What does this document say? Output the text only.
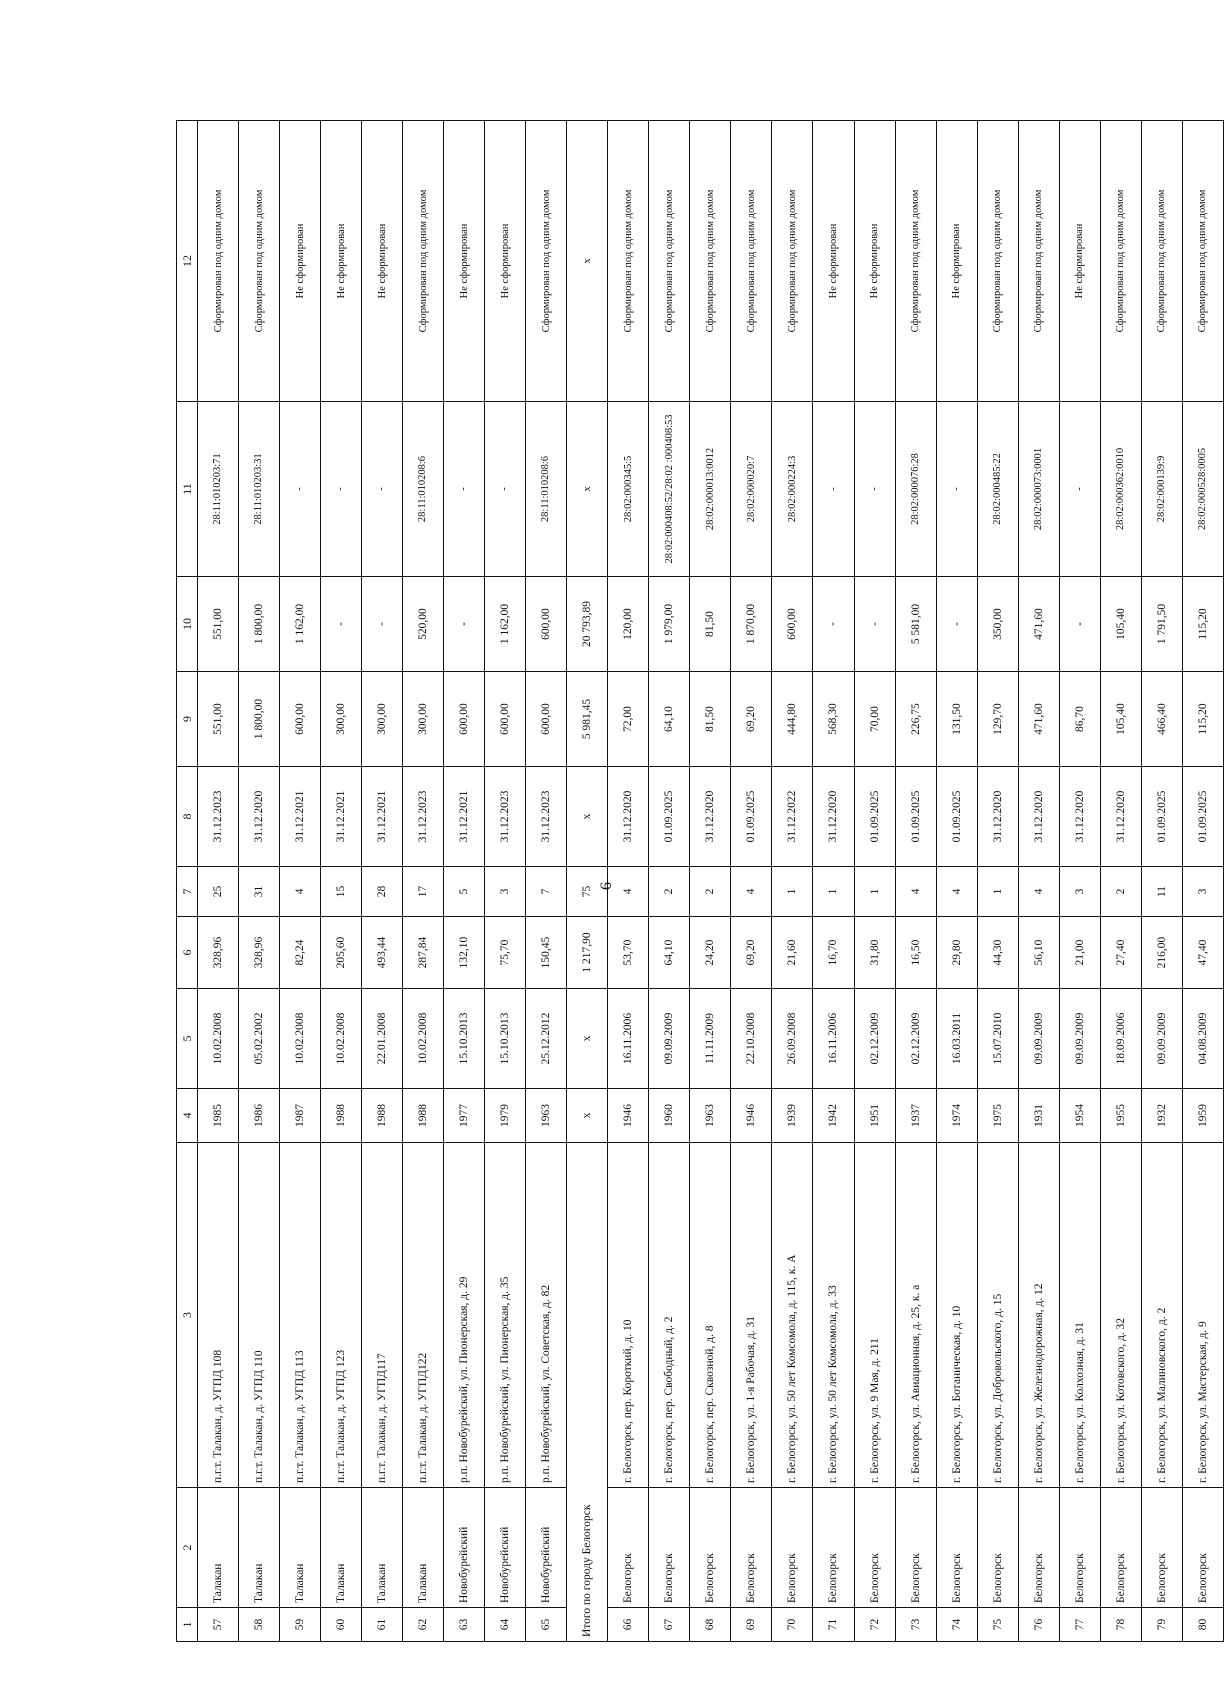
6
1	2	3	4	5	6	7	8	9	10	11	12
57	Талакан	п.г.т. Талакан, д. УГПД 108	1985	10.02.2008	328,96	25	31.12.2023	551,00	551,00	28:11:010203:71	Сформирован под одним домом
58	Талакан	п.г.т. Талакан, д. УГПД 110	1986	05.02.2002	328,96	31	31.12.2020	1 800,00	1 800,00	28:11:010203:31	Сформирован под одним домом
59	Талакан	п.г.т. Талакан, д. УГПД 113	1987	10.02.2008	82,24	4	31.12.2021	600,00	1 162,00	-	Не сформирован
60	Талакан	п.г.т. Талакан, д. УГПД 123	1988	10.02.2008	205,60	15	31.12.2021	300,00	-	-	Не сформирован
61	Талакан	п.г.т. Талакан, д. УГПД117	1988	22.01.2008	493,44	28	31.12.2021	300,00	-	-	Не сформирован
62	Талакан	п.г.т. Талакан, д. УГПД122	1988	10.02.2008	287,84	17	31.12.2023	300,00	520,00	28:11:010208:6	Сформирован под одним домом
63	Новобурейский	р.п. Новобурейский, ул. Пионерская, д. 29	1977	15.10.2013	132,10	5	31.12.2021	600,00	-	-	Не сформирован
64	Новобурейский	р.п. Новобурейский, ул. Пионерская, д. 35	1979	15.10.2013	75,70	3	31.12.2023	600,00	1 162,00	-	Не сформирован
65	Новобурейский	р.п. Новобурейский, ул. Советская, д. 82	1963	25.12.2012	150,45	7	31.12.2023	600,00	600,00	28:11:010208:6	Сформирован под одним домом
Итого по городу Белогорск			x	x	1 217,90	75	x	5 981,45	20 793,89	x	x
66	Белогорск	г. Белогорск, пер. Короткий, д. 10	1946	16.11.2006	53,70	4	31.12.2020	72,00	120,00	28:02:000345:5	Сформирован под одним домом
67	Белогорск	г. Белогорск, пер. Свободный, д. 2	1960	09.09.2009	64,10	2	01.09.2025	64,10	1 979,00	28:02:000408:52/28:02 :000408:53	Сформирован под одним домом
68	Белогорск	г. Белогорск, пер. Сквозной, д. 8	1963	11.11.2009	24,20	2	31.12.2020	81,50	81,50	28:02:000013:0012	Сформирован под одним домом
69	Белогорск	г. Белогорск, ул. 1-я Рабочая, д. 31	1946	22.10.2008	69,20	4	01.09.2025	69,20	1 870,00	28:02:000020:7	Сформирован под одним домом
70	Белогорск	г. Белогорск, ул. 50 лет Комсомола, д. 115, к. А	1939	26.09.2008	21,60	1	31.12.2022	444,80	600,00	28:02:000224:3	Сформирован под одним домом
71	Белогорск	г. Белогорск, ул. 50 лет Комсомола, д. 33	1942	16.11.2006	16,70	1	31.12.2020	568,30	-	-	Не сформирован
72	Белогорск	г. Белогорск, ул. 9 Мая, д. 211	1951	02.12.2009	31,80	1	01.09.2025	70,00	-	-	Не сформирован
73	Белогорск	г. Белогорск, ул. Авиационная, д. 25, к. а	1937	02.12.2009	16,50	4	01.09.2025	226,75	5 581,00	28:02:000076:28	Сформирован под одним домом
74	Белогорск	г. Белогорск, ул. Ботаническая, д. 10	1974	16.03.2011	29,80	4	01.09.2025	131,50	-	-	Не сформирован
75	Белогорск	г. Белогорск, ул. Добровольского, д. 15	1975	15.07.2010	44,30	1	31.12.2020	129,70	350,00	28:02:000485:22	Сформирован под одним домом
76	Белогорск	г. Белогорск, ул. Железнодорожная, д. 12	1931	09.09.2009	56,10	4	31.12.2020	471,60	471,60	28:02:000073:0001	Сформирован под одним домом
77	Белогорск	г. Белогорск, ул. Колхозная, д. 31	1954	09.09.2009	21,00	3	31.12.2020	86,70	-	-	Не сформирован
78	Белогорск	г. Белогорск, ул. Котовского, д. 32	1955	18.09.2006	27,40	2	31.12.2020	105,40	105,40	28:02:000362:0010	Сформирован под одним домом
79	Белогорск	г. Белогорск, ул. Малиновского, д. 2	1932	09.09.2009	216,00	11	01.09.2025	466,40	1 791,50	28:02:000139:9	Сформирован под одним домом
80	Белогорск	г. Белогорск, ул. Мастерская, д. 9	1959	04.08.2009	47,40	3	01.09.2025	115,20	115,20	28:02:000528:0005	Сформирован под одним домом
